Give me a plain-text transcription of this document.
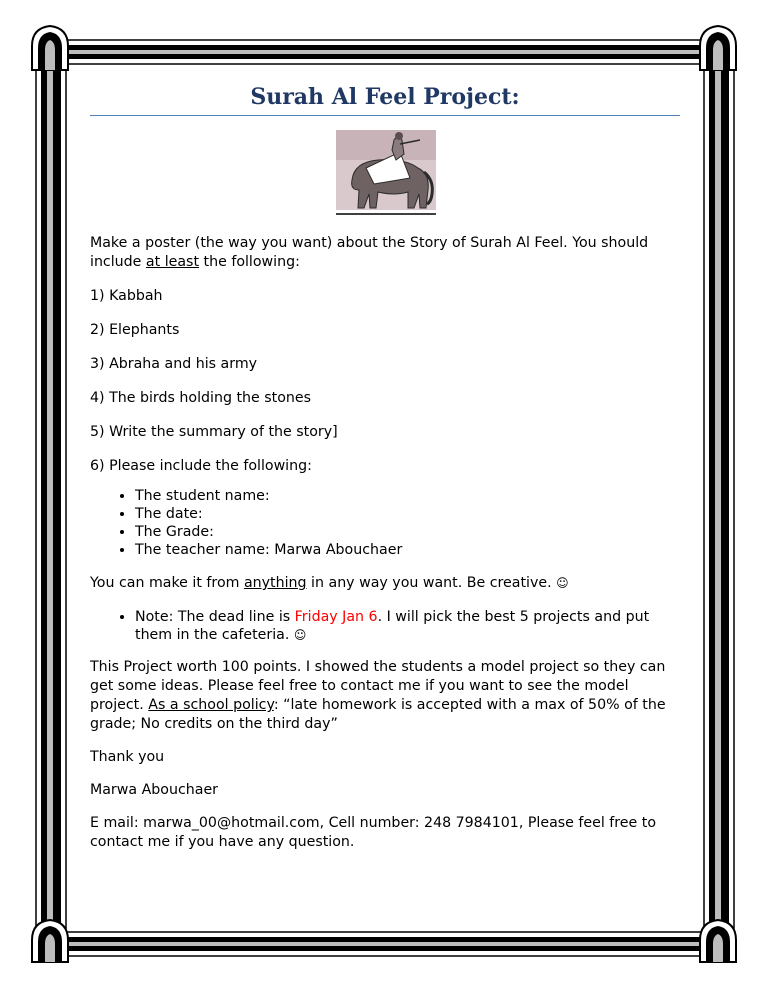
Surah Al Feel Project:

Make a poster (the way you want) about the Story of Surah Al Feel. You should include at least the following:

1) Kabbah

2) Elephants

3) Abraha and his army

4) The birds holding the stones

5) Write the summary of the story]

6) Please include the following:

• The student name:
• The date:
• The Grade:
• The teacher name: Marwa Abouchaer

You can make it from anything in any way you want. Be creative. ☺

• Note: The dead line is Friday Jan 6. I will pick the best 5 projects and put them in the cafeteria. ☺

This Project worth 100 points. I showed the students a model project so they can get some ideas. Please feel free to contact me if you want to see the model project. As a school policy: “late homework is accepted with a max of 50% of the grade; No credits on the third day”

Thank you

Marwa Abouchaer

E mail: marwa_00@hotmail.com, Cell number: 248 7984101, Please feel free to contact me if you have any question.
